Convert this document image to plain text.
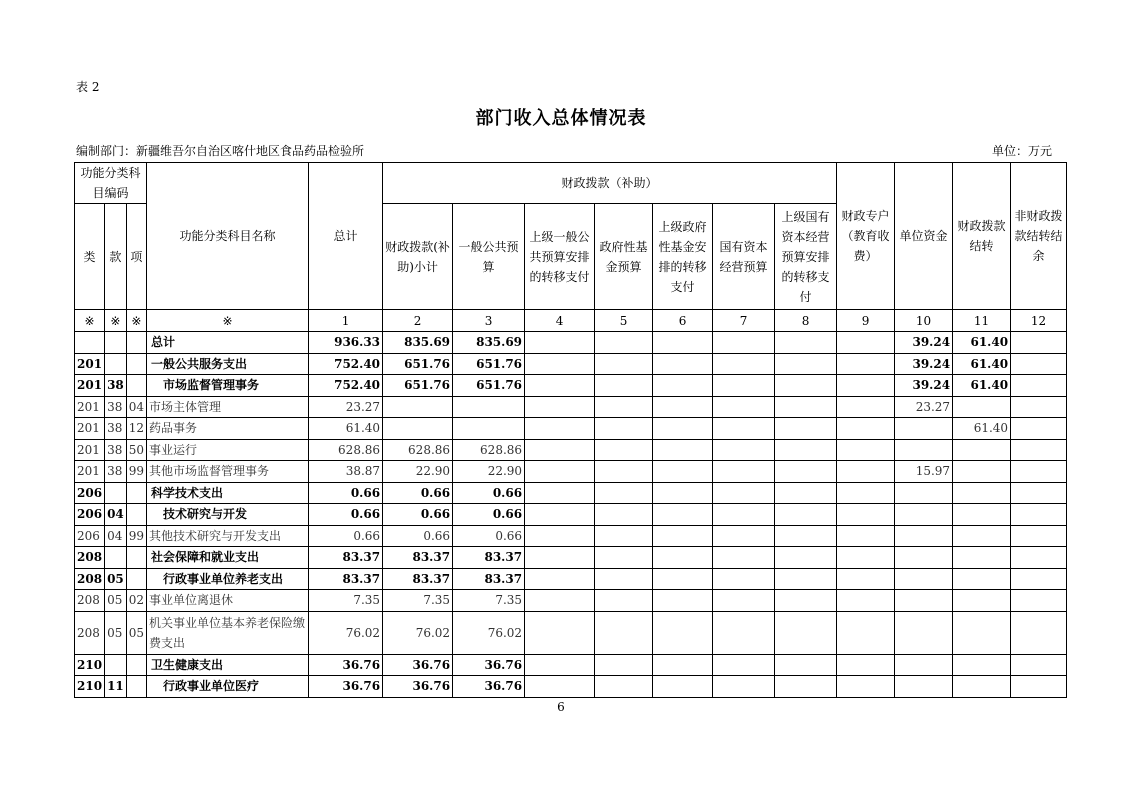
表 2
部门收入总体情况表
编制部门：新疆维吾尔自治区喀什地区食品药品检验所	单位：万元
功能分类科目编码			功能分类科目名称	总计	财政拨款（补助）							财政专户（教育收费）	单位资金	财政拨款结转	非财政拨款结转结余
类	款	项			财政拨款(补助)小计	一般公共预算	上级一般公共预算安排的转移支付	政府性基金预算	上级政府性基金安排的转移支付	国有资本经营预算	上级国有资本经营预算安排的转移支付				
※	※	※	※	1	2	3	4	5	6	7	8	9	10	11	12
			总计	936.33	835.69	835.69							39.24	61.40	
201			一般公共服务支出	752.40	651.76	651.76							39.24	61.40	
201	38		市场监督管理事务	752.40	651.76	651.76							39.24	61.40	
201	38	04	市场主体管理	23.27									23.27		
201	38	12	药品事务	61.40										61.40	
201	38	50	事业运行	628.86	628.86	628.86									
201	38	99	其他市场监督管理事务	38.87	22.90	22.90							15.97		
206			科学技术支出	0.66	0.66	0.66									
206	04		技术研究与开发	0.66	0.66	0.66									
206	04	99	其他技术研究与开发支出	0.66	0.66	0.66									
208			社会保障和就业支出	83.37	83.37	83.37									
208	05		行政事业单位养老支出	83.37	83.37	83.37									
208	05	02	事业单位离退休	7.35	7.35	7.35									
208	05	05	机关事业单位基本养老保险缴费支出	76.02	76.02	76.02									
210			卫生健康支出	36.76	36.76	36.76									
210	11		行政事业单位医疗	36.76	36.76	36.76									
6
